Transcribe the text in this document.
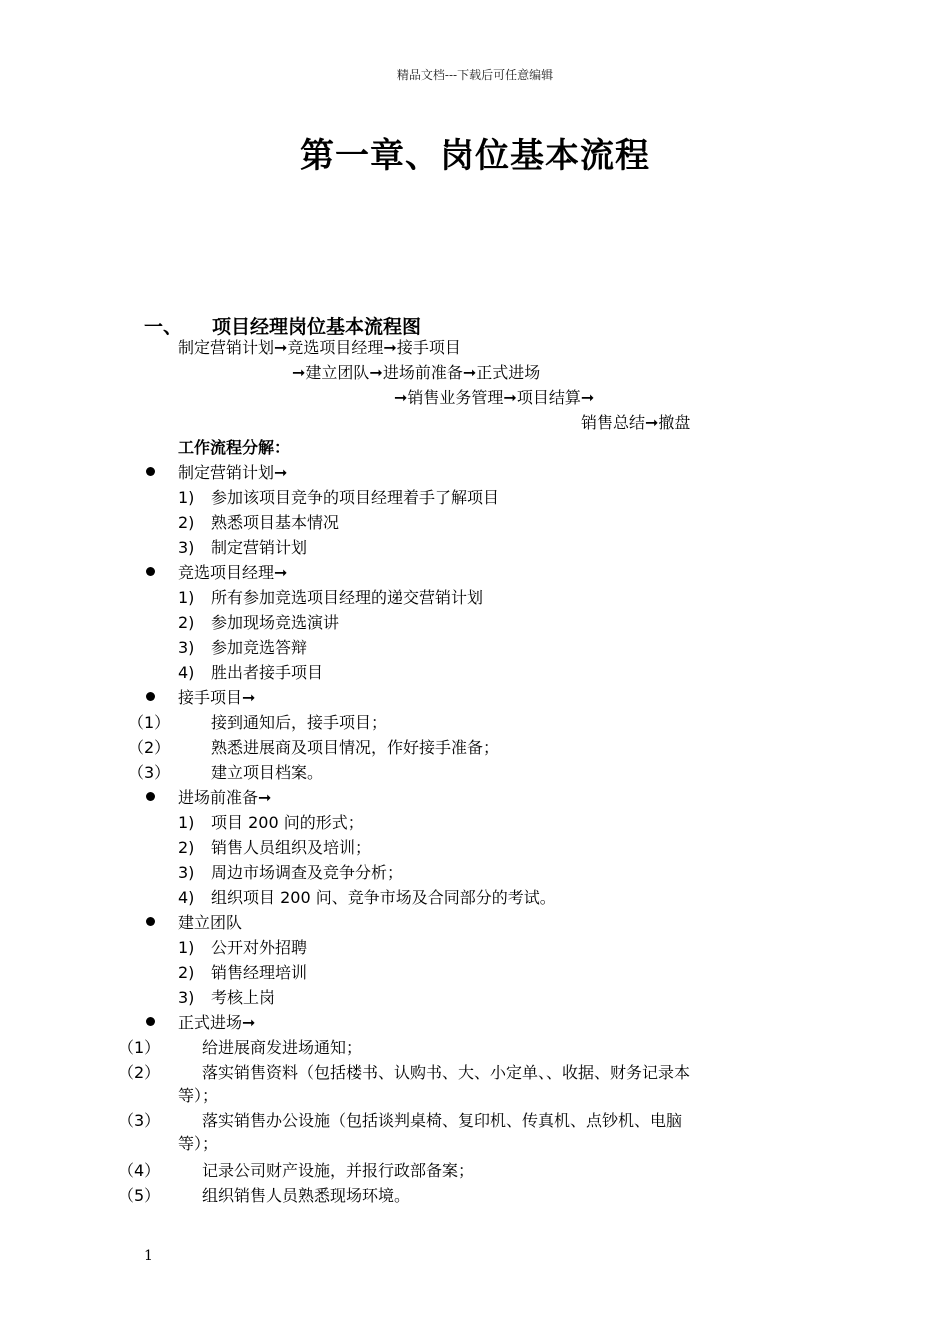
精品文档---下载后可任意编辑
第一章、岗位基本流程
一、 项目经理岗位基本流程图
制定营销计划➞竞选项目经理➞接手项目
➞建立团队➞进场前准备➞正式进场
➞销售业务管理➞项目结算➞
销售总结➞撤盘
工作流程分解：
制定营销计划➞
1) 参加该项目竞争的项目经理着手了解项目
2) 熟悉项目基本情况
3) 制定营销计划
竞选项目经理➞
1) 所有参加竞选项目经理的递交营销计划
2) 参加现场竞选演讲
3) 参加竞选答辩
4) 胜出者接手项目
接手项目➞
（1）	接到通知后，接手项目；
（2）	熟悉进展商及项目情况，作好接手准备；
（3）	建立项目档案。
进场前准备➞
1) 项目 200 问的形式；
2) 销售人员组织及培训；
3) 周边市场调查及竞争分析；
4) 组织项目 200 问、竞争市场及合同部分的考试。
建立团队
1) 公开对外招聘
2) 销售经理培训
3) 考核上岗
正式进场➞
（1）	给进展商发进场通知；
（2）	落实销售资料（包括楼书、认购书、大、小定单、、收据、财务记录本
等）；
（3）	落实销售办公设施（包括谈判桌椅、复印机、传真机、点钞机、电脑
等）；
（4）	记录公司财产设施，并报行政部备案；
（5）	组织销售人员熟悉现场环境。
1
